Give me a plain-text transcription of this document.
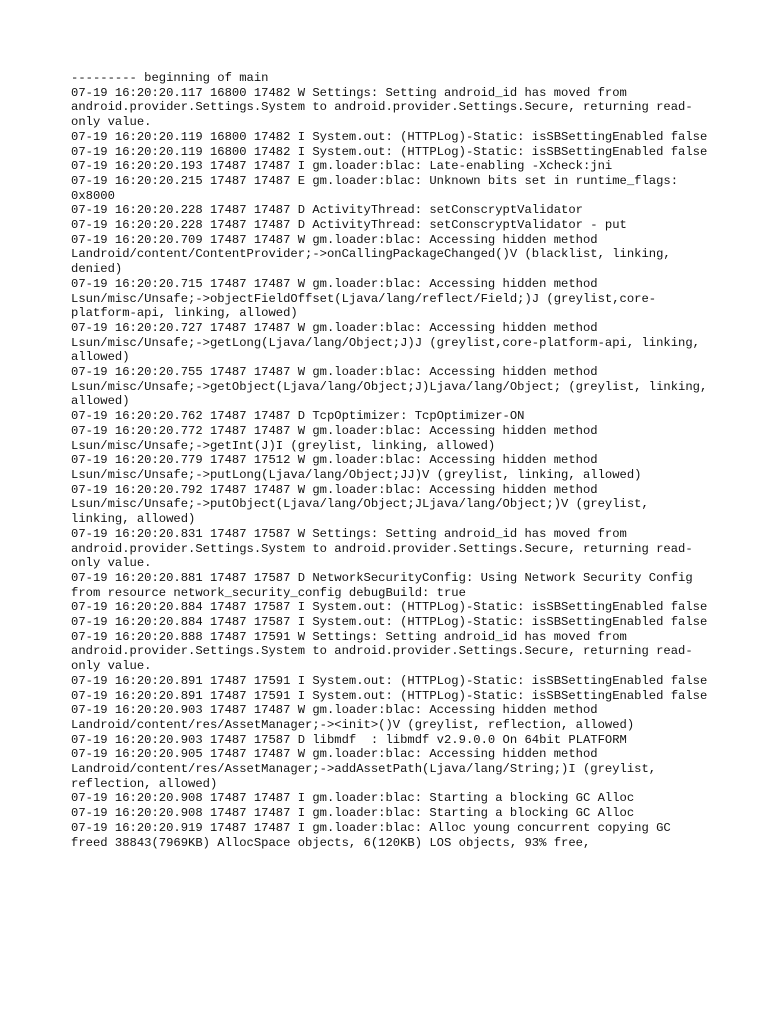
--------- beginning of main
07-19 16:20:20.117 16800 17482 W Settings: Setting android_id has moved from android.provider.Settings.System to android.provider.Settings.Secure, returning read-only value.
07-19 16:20:20.119 16800 17482 I System.out: (HTTPLog)-Static: isSBSettingEnabled false
07-19 16:20:20.119 16800 17482 I System.out: (HTTPLog)-Static: isSBSettingEnabled false
07-19 16:20:20.193 17487 17487 I gm.loader:blac: Late-enabling -Xcheck:jni
07-19 16:20:20.215 17487 17487 E gm.loader:blac: Unknown bits set in runtime_flags: 0x8000
07-19 16:20:20.228 17487 17487 D ActivityThread: setConscryptValidator
07-19 16:20:20.228 17487 17487 D ActivityThread: setConscryptValidator - put
07-19 16:20:20.709 17487 17487 W gm.loader:blac: Accessing hidden method Landroid/content/ContentProvider;->onCallingPackageChanged()V (blacklist, linking, denied)
07-19 16:20:20.715 17487 17487 W gm.loader:blac: Accessing hidden method Lsun/misc/Unsafe;->objectFieldOffset(Ljava/lang/reflect/Field;)J (greylist,core-platform-api, linking, allowed)
07-19 16:20:20.727 17487 17487 W gm.loader:blac: Accessing hidden method Lsun/misc/Unsafe;->getLong(Ljava/lang/Object;J)J (greylist,core-platform-api, linking, allowed)
07-19 16:20:20.755 17487 17487 W gm.loader:blac: Accessing hidden method Lsun/misc/Unsafe;->getObject(Ljava/lang/Object;J)Ljava/lang/Object; (greylist, linking, allowed)
07-19 16:20:20.762 17487 17487 D TcpOptimizer: TcpOptimizer-ON
07-19 16:20:20.772 17487 17487 W gm.loader:blac: Accessing hidden method Lsun/misc/Unsafe;->getInt(J)I (greylist, linking, allowed)
07-19 16:20:20.779 17487 17512 W gm.loader:blac: Accessing hidden method Lsun/misc/Unsafe;->putLong(Ljava/lang/Object;JJ)V (greylist, linking, allowed)
07-19 16:20:20.792 17487 17487 W gm.loader:blac: Accessing hidden method Lsun/misc/Unsafe;->putObject(Ljava/lang/Object;JLjava/lang/Object;)V (greylist, linking, allowed)
07-19 16:20:20.831 17487 17587 W Settings: Setting android_id has moved from android.provider.Settings.System to android.provider.Settings.Secure, returning read-only value.
07-19 16:20:20.881 17487 17587 D NetworkSecurityConfig: Using Network Security Config from resource network_security_config debugBuild: true
07-19 16:20:20.884 17487 17587 I System.out: (HTTPLog)-Static: isSBSettingEnabled false
07-19 16:20:20.884 17487 17587 I System.out: (HTTPLog)-Static: isSBSettingEnabled false
07-19 16:20:20.888 17487 17591 W Settings: Setting android_id has moved from android.provider.Settings.System to android.provider.Settings.Secure, returning read-only value.
07-19 16:20:20.891 17487 17591 I System.out: (HTTPLog)-Static: isSBSettingEnabled false
07-19 16:20:20.891 17487 17591 I System.out: (HTTPLog)-Static: isSBSettingEnabled false
07-19 16:20:20.903 17487 17487 W gm.loader:blac: Accessing hidden method Landroid/content/res/AssetManager;-><init>()V (greylist, reflection, allowed)
07-19 16:20:20.903 17487 17587 D libmdf  : libmdf v2.9.0.0 On 64bit PLATFORM
07-19 16:20:20.905 17487 17487 W gm.loader:blac: Accessing hidden method Landroid/content/res/AssetManager;->addAssetPath(Ljava/lang/String;)I (greylist, reflection, allowed)
07-19 16:20:20.908 17487 17487 I gm.loader:blac: Starting a blocking GC Alloc
07-19 16:20:20.908 17487 17487 I gm.loader:blac: Starting a blocking GC Alloc
07-19 16:20:20.919 17487 17487 I gm.loader:blac: Alloc young concurrent copying GC freed 38843(7969KB) AllocSpace objects, 6(120KB) LOS objects, 93% free,
